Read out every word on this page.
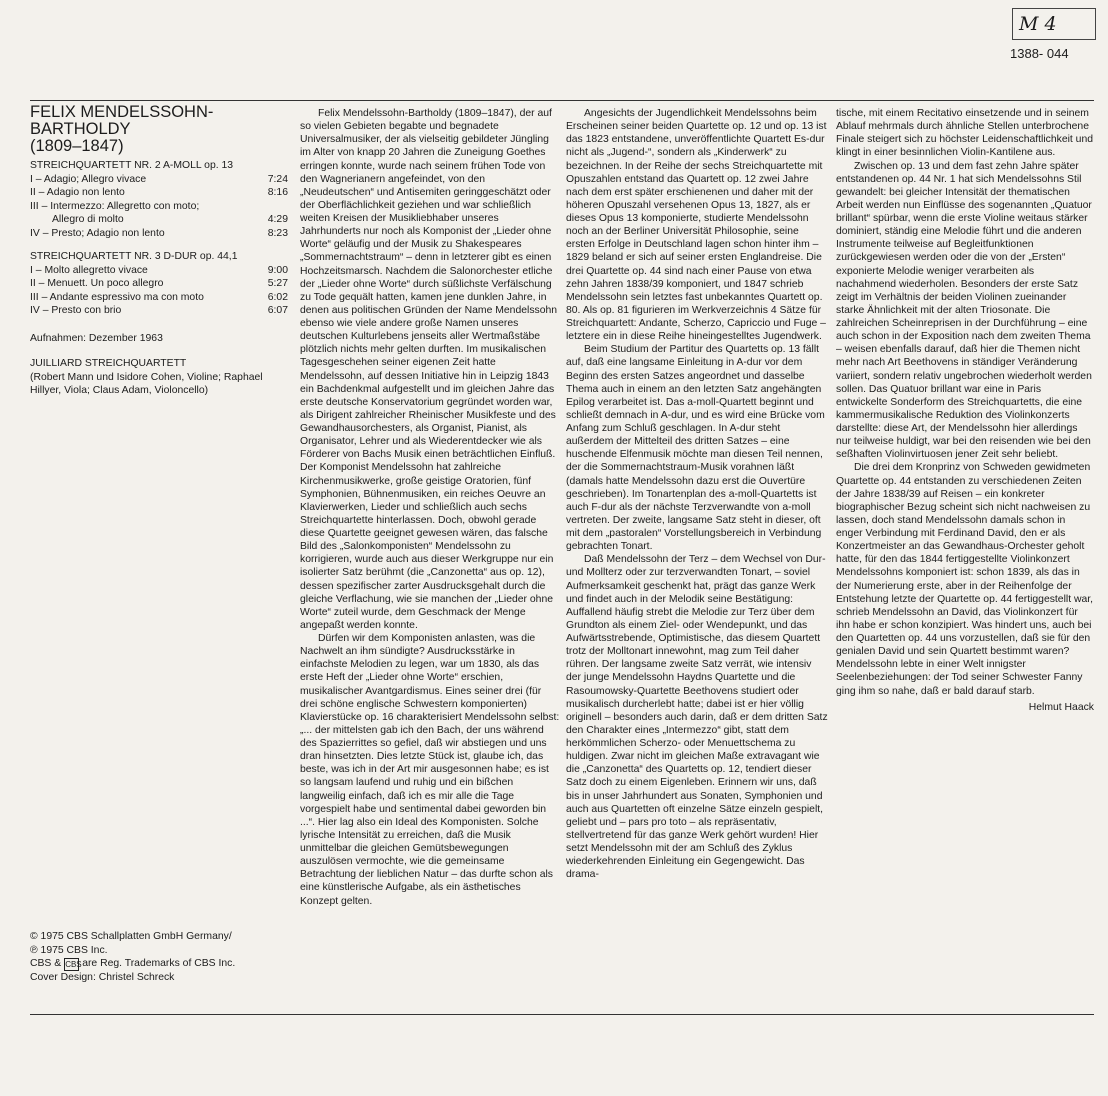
M 4
1388- 044
FELIX MENDELSSOHN-BARTHOLDY
(1809–1847)
STREICHQUARTETT NR. 2 A-MOLL op. 13
I – Adagio; Allegro vivace	7:24
II – Adagio non lento	8:16
III – Intermezzo: Allegretto con moto;
Allegro di molto	4:29
IV – Presto; Adagio non lento	8:23
STREICHQUARTETT NR. 3 D-DUR op. 44,1
I – Molto allegretto vivace	9:00
II – Menuett. Un poco allegro	5:27
III – Andante espressivo ma con moto	6:02
IV – Presto con brio	6:07
Aufnahmen: Dezember 1963
JUILLIARD STREICHQUARTETT
(Robert Mann und Isidore Cohen, Violine; Raphael Hillyer, Viola; Claus Adam, Violoncello)
© 1975 CBS Schallplatten GmbH Germany/
℗ 1975 CBS Inc.
CBS & CBSare Reg. Trademarks of CBS Inc.
Cover Design: Christel Schreck

Felix Mendelssohn-Bartholdy (1809–1847), der auf so vielen Gebieten begabte und begnadete Universalmusiker, der als vielseitig gebildeter Jüngling im Alter von knapp 20 Jahren die Zuneigung Goethes erringen konnte, wurde nach seinem frühen Tode von den Wagnerianern angefeindet, von den „Neudeutschen“ und Antisemiten geringgeschätzt oder der Oberflächlichkeit geziehen und war schließlich weiten Kreisen der Musikliebhaber unseres Jahrhunderts nur noch als Komponist der „Lieder ohne Worte“ geläufig und der Musik zu Shakespeares „Sommernachtstraum“ – denn in letzterer gibt es einen Hochzeitsmarsch. Nachdem die Salonorchester etliche der „Lieder ohne Worte“ durch süßlichste Verfälschung zu Tode gequält hatten, kamen jene dunklen Jahre, in denen aus politischen Gründen der Name Mendelssohn ebenso wie viele andere große Namen unseres deutschen Kulturlebens jenseits aller Wertmaßstäbe plötzlich nichts mehr gelten durften. Im musikalischen Tagesgeschehen seiner eigenen Zeit hatte Mendelssohn, auf dessen Initiative hin in Leipzig 1843 ein Bachdenkmal aufgestellt und im gleichen Jahre das erste deutsche Konservatorium gegründet worden war, als Dirigent zahlreicher Rheinischer Musikfeste und des Gewandhausorchesters, als Organist, Pianist, als Organisator, Lehrer und als Wiederentdecker wie als Förderer von Bachs Musik einen beträchtlichen Einfluß. Der Komponist Mendelssohn hat zahlreiche Kirchenmusikwerke, große geistige Oratorien, fünf Symphonien, Bühnenmusiken, ein reiches Oeuvre an Klavierwerken, Lieder und schließlich auch sechs Streichquartette hinterlassen. Doch, obwohl gerade diese Quartette geeignet gewesen wären, das falsche Bild des „Salonkomponisten“ Mendelssohn zu korrigieren, wurde auch aus dieser Werkgruppe nur ein isolierter Satz berühmt (die „Canzonetta“ aus op. 12), dessen spezifischer zarter Ausdrucksgehalt durch die gleiche Verflachung, wie sie manchen der „Lieder ohne Worte“ zuteil wurde, dem Geschmack der Menge angepaßt werden konnte.

Dürfen wir dem Komponisten anlasten, was die Nachwelt an ihm sündigte? Ausdrucksstärke in einfachste Melodien zu legen, war um 1830, als das erste Heft der „Lieder ohne Worte“ erschien, musikalischer Avantgardismus. Eines seiner drei (für drei schöne englische Schwestern komponierten) Klavierstücke op. 16 charakterisiert Mendelssohn selbst: „... der mittelsten gab ich den Bach, der uns während des Spazierrittes so gefiel, daß wir abstiegen und uns dran hinsetzten. Dies letzte Stück ist, glaube ich, das beste, was ich in der Art mir ausgesonnen habe; es ist so langsam laufend und ruhig und ein bißchen langweilig einfach, daß ich es mir alle die Tage vorgespielt habe und sentimental dabei geworden bin ...“. Hier lag also ein Ideal des Komponisten. Solche lyrische Intensität zu erreichen, daß die Musik unmittelbar die gleichen Gemütsbewegungen auszulösen vermochte, wie die gemeinsame Betrachtung der lieblichen Natur – das durfte schon als eine künstlerische Aufgabe, als ein ästhetisches Konzept gelten.

Angesichts der Jugendlichkeit Mendelssohns beim Erscheinen seiner beiden Quartette op. 12 und op. 13 ist das 1823 entstandene, unveröffentlichte Quartett Es-dur nicht als „Jugend-“, sondern als „Kinderwerk“ zu bezeichnen. In der Reihe der sechs Streichquartette mit Opuszahlen entstand das Quartett op. 12 zwei Jahre nach dem erst später erschienenen und daher mit der höheren Opuszahl versehenen Opus 13, 1827, als er dieses Opus 13 komponierte, studierte Mendelssohn noch an der Berliner Universität Philosophie, seine ersten Erfolge in Deutschland lagen schon hinter ihm – 1829 beland er sich auf seiner ersten Englandreise. Die drei Quartette op. 44 sind nach einer Pause von etwa zehn Jahren 1838/39 komponiert, und 1847 schrieb Mendelssohn sein letztes fast unbekanntes Quartett op. 80. Als op. 81 figurieren im Werkverzeichnis 4 Sätze für Streichquartett: Andante, Scherzo, Capriccio und Fuge – letztere ein in diese Reihe hineingestelltes Jugendwerk.

Beim Studium der Partitur des Quartetts op. 13 fällt auf, daß eine langsame Einleitung in A-dur vor dem Beginn des ersten Satzes angeordnet und dasselbe Thema auch in einem an den letzten Satz angehängten Epilog verarbeitet ist. Das a-moll-Quartett beginnt und schließt demnach in A-dur, und es wird eine Brücke vom Anfang zum Schluß geschlagen. In A-dur steht außerdem der Mittelteil des dritten Satzes – eine huschende Elfenmusik möchte man diesen Teil nennen, der die Sommernachtstraum-Musik vorahnen läßt (damals hatte Mendelssohn dazu erst die Ouvertüre geschrieben). Im Tonartenplan des a-moll-Quartetts ist auch F-dur als der nächste Terzverwandte von a-moll vertreten. Der zweite, langsame Satz steht in dieser, oft mit dem „pastoralen“ Vorstellungsbereich in Verbindung gebrachten Tonart.

Daß Mendelssohn der Terz – dem Wechsel von Dur- und Mollterz oder zur terzverwandten Tonart, – soviel Aufmerksamkeit geschenkt hat, prägt das ganze Werk und findet auch in der Melodik seine Bestätigung: Auffallend häufig strebt die Melodie zur Terz über dem Grundton als einem Ziel- oder Wendepunkt, und das Aufwärtsstrebende, Optimistische, das diesem Quartett trotz der Molltonart innewohnt, mag zum Teil daher rühren. Der langsame zweite Satz verrät, wie intensiv der junge Mendelssohn Haydns Quartette und die Rasoumowsky-Quartette Beethovens studiert oder musikalisch durcherlebt hatte; dabei ist er hier völlig originell – besonders auch darin, daß er dem dritten Satz den Charakter eines „Intermezzo“ gibt, statt dem herkömmlichen Scherzo- oder Menuettschema zu huldigen. Zwar nicht im gleichen Maße extravagant wie die „Canzonetta“ des Quartetts op. 12, tendiert dieser Satz doch zu einem Eigenleben. Erinnern wir uns, daß bis in unser Jahrhundert aus Sonaten, Symphonien und auch aus Quartetten oft einzelne Sätze einzeln gespielt, geliebt und – pars pro toto – als repräsentativ, stellvertretend für das ganze Werk gehört wurden! Hier setzt Mendelssohn mit der am Schluß des Zyklus wiederkehrenden Einleitung ein Gegengewicht. Das drama-

tische, mit einem Recitativo einsetzende und in seinem Ablauf mehrmals durch ähnliche Stellen unterbrochene Finale steigert sich zu höchster Leidenschaftlichkeit und klingt in einer besinnlichen Violin-Kantilene aus.

Zwischen op. 13 und dem fast zehn Jahre später entstandenen op. 44 Nr. 1 hat sich Mendelssohns Stil gewandelt: bei gleicher Intensität der thematischen Arbeit werden nun Einflüsse des sogenannten „Quatuor brillant“ spürbar, wenn die erste Violine weitaus stärker dominiert, ständig eine Melodie führt und die anderen Instrumente teilweise auf Begleitfunktionen zurückgewiesen werden oder die von der „Ersten“ exponierte Melodie weniger verarbeiten als nachahmend wiederholen. Besonders der erste Satz zeigt im Verhältnis der beiden Violinen zueinander starke Ähnlichkeit mit der alten Triosonate. Die zahlreichen Scheinreprisen in der Durchführung – eine auch schon in der Exposition nach dem zweiten Thema – weisen ebenfalls darauf, daß hier die Themen nicht mehr nach Art Beethovens in ständiger Veränderung variiert, sondern relativ ungebrochen wiederholt werden sollen. Das Quatuor brillant war eine in Paris entwickelte Sonderform des Streichquartetts, die eine kammermusikalische Reduktion des Violinkonzerts darstellte: diese Art, der Mendelssohn hier allerdings nur teilweise huldigt, war bei den reisenden wie bei den seßhaften Violinvirtuosen jener Zeit sehr beliebt.

Die drei dem Kronprinz von Schweden gewidmeten Quartette op. 44 entstanden zu verschiedenen Zeiten der Jahre 1838/39 auf Reisen – ein konkreter biographischer Bezug scheint sich nicht nachweisen zu lassen, doch stand Mendelssohn damals schon in enger Verbindung mit Ferdinand David, den er als Konzertmeister an das Gewandhaus-Orchester geholt hatte, für den das 1844 fertiggestellte Violinkonzert Mendelssohns komponiert ist: schon 1839, als das in der Numerierung erste, aber in der Reihenfolge der Entstehung letzte der Quartette op. 44 fertiggestellt war, schrieb Mendelssohn an David, das Violinkonzert für ihn habe er schon konzipiert. Was hindert uns, auch bei den Quartetten op. 44 uns vorzustellen, daß sie für den genialen David und sein Quartett bestimmt waren? Mendelssohn lebte in einer Welt innigster Seelenbeziehungen: der Tod seiner Schwester Fanny ging ihm so nahe, daß er bald darauf starb.

Helmut Haack
